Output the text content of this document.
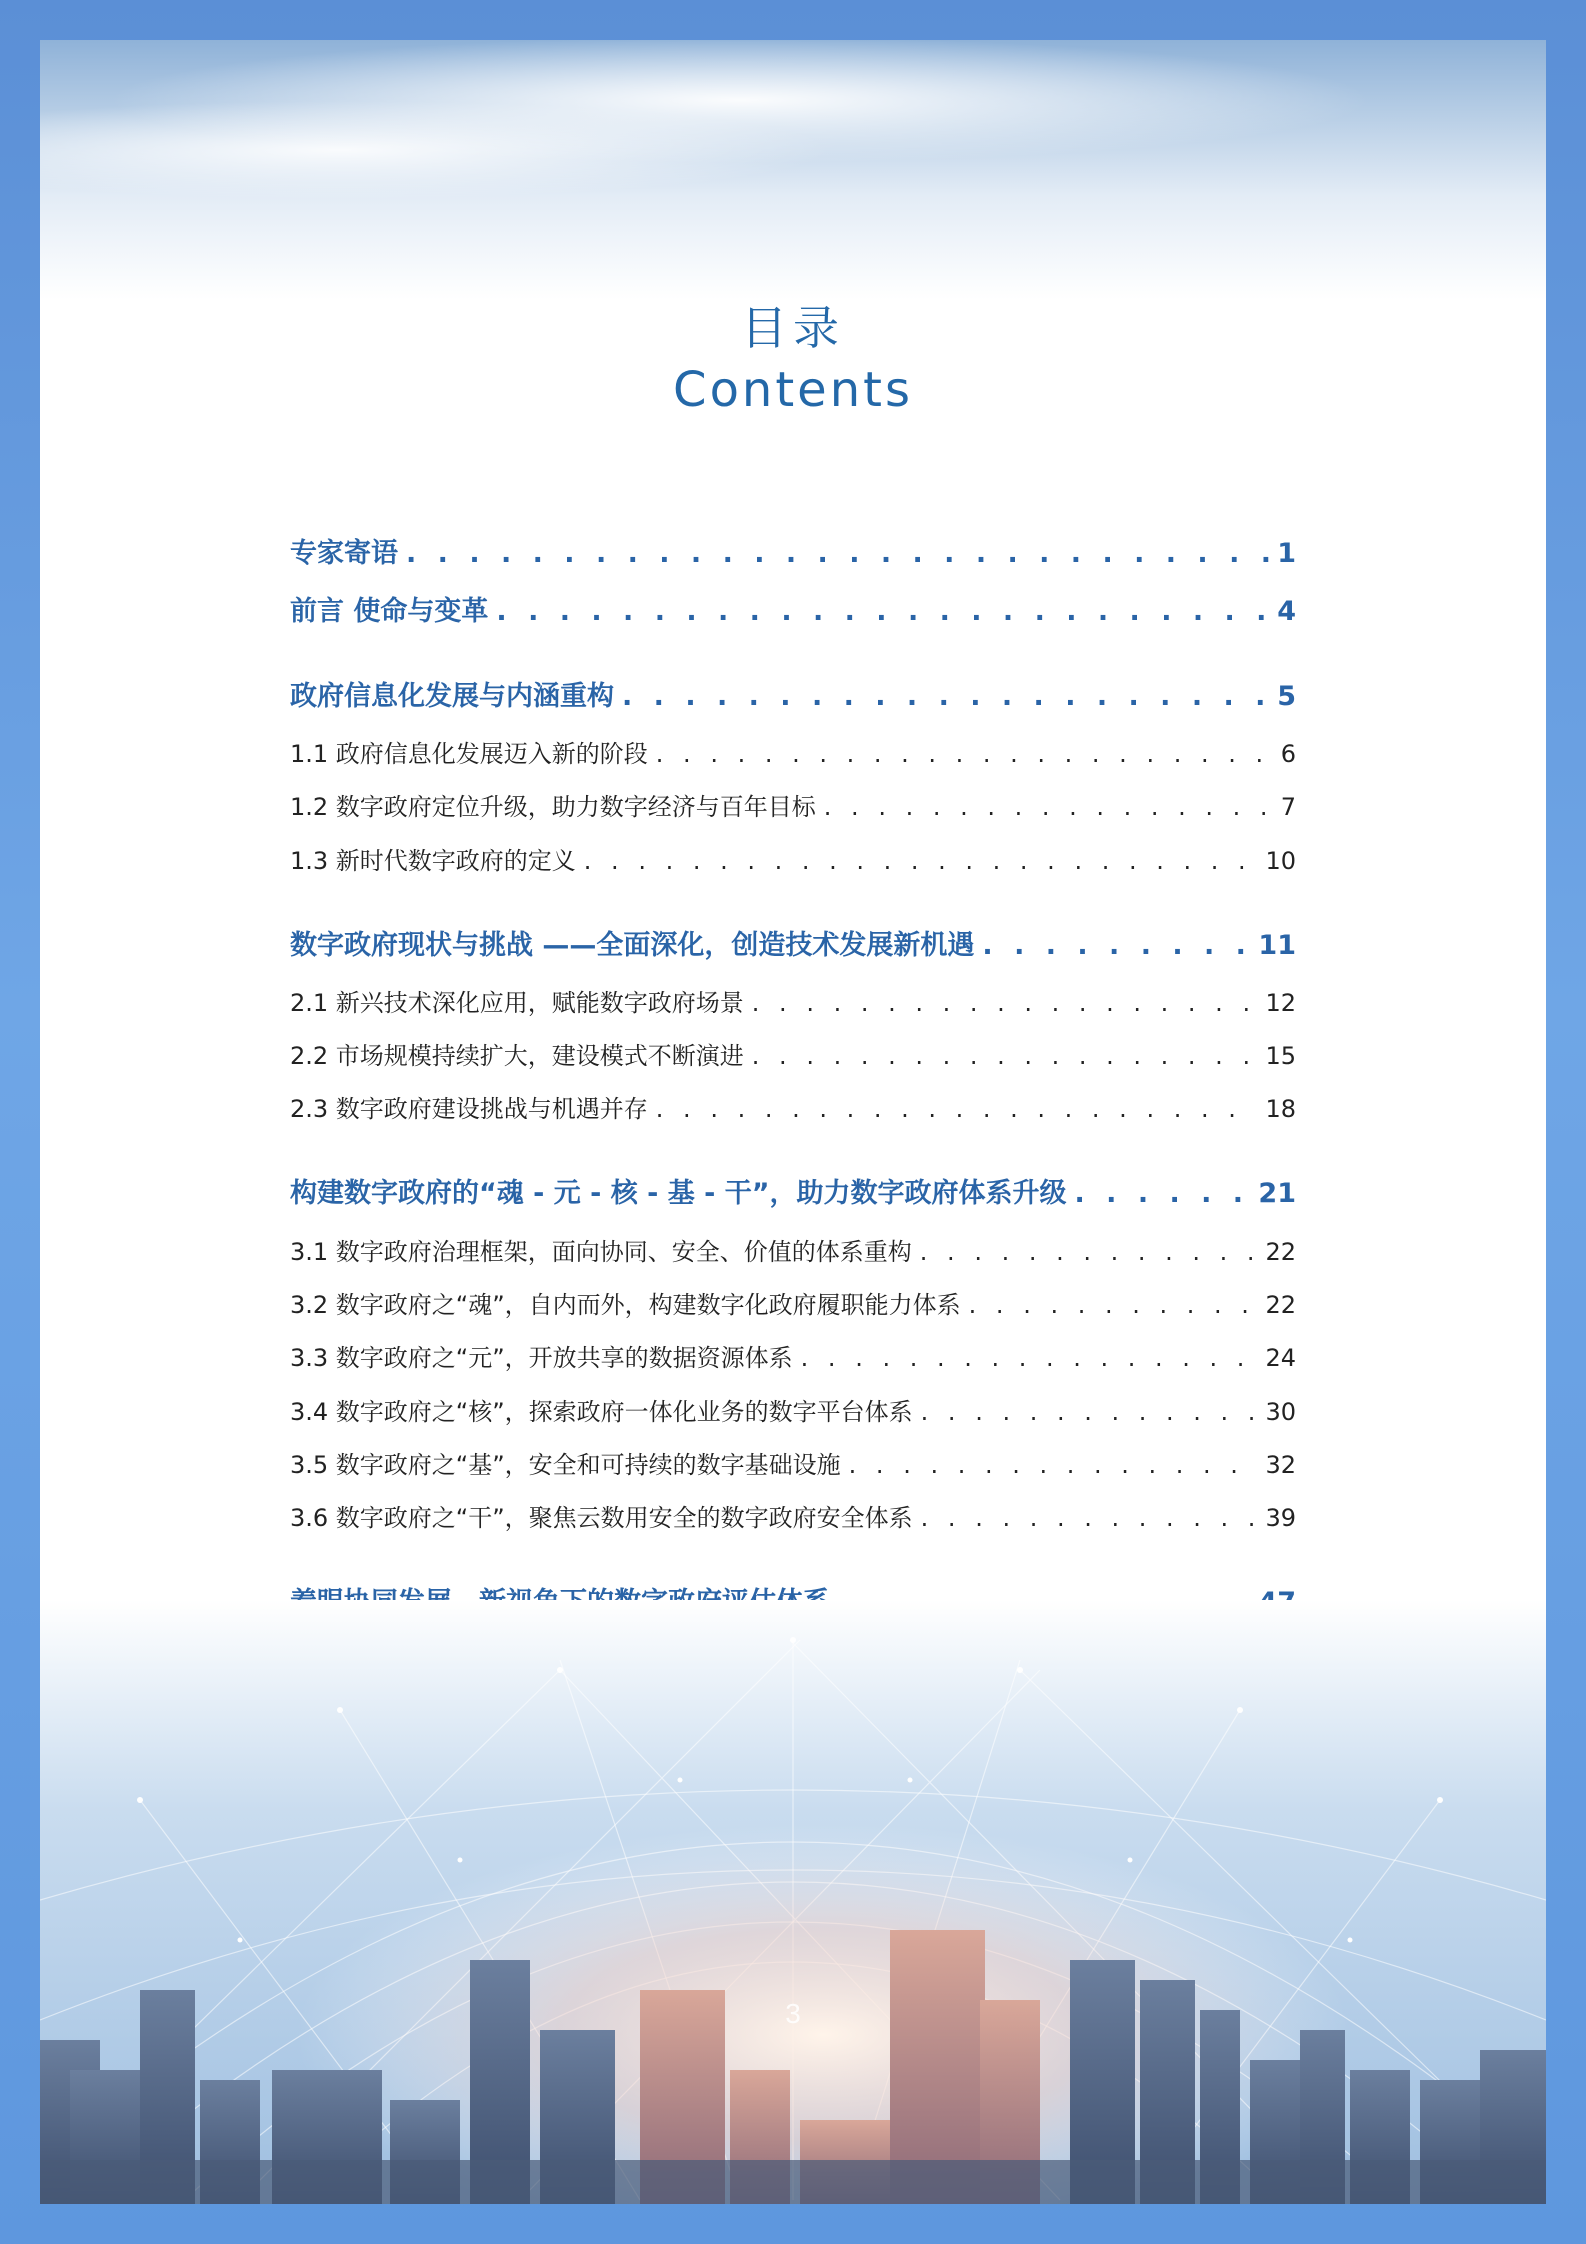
目录
Contents
专家寄语 . . .	1
前言 使命与变革 . . .	4
政府信息化发展与内涵重构 . . .	5
1.1 政府信息化发展迈入新的阶段 . . .	6
1.2 数字政府定位升级，助力数字经济与百年目标 . . .	7
1.3 新时代数字政府的定义 . . .	10
数字政府现状与挑战 ——全面深化，创造技术发展新机遇 . . .	11
2.1 新兴技术深化应用，赋能数字政府场景 . . .	12
2.2 市场规模持续扩大，建设模式不断演进 . . .	15
2.3 数字政府建设挑战与机遇并存 . . .	18
构建数字政府的“魂 - 元 - 核 - 基 - 干”，助力数字政府体系升级 . . .	21
3.1 数字政府治理框架，面向协同、安全、价值的体系重构 . . .	22
3.2 数字政府之“魂”，自内而外，构建数字化政府履职能力体系 . . .	22
3.3 数字政府之“元”，开放共享的数据资源体系 . . .	24
3.4 数字政府之“核”，探索政府一体化业务的数字平台体系 . . .	30
3.5 数字政府之“基”，安全和可持续的数字基础设施 . . .	32
3.6 数字政府之“干”，聚焦云数用安全的数字政府安全体系 . . .	39
. . .
3
